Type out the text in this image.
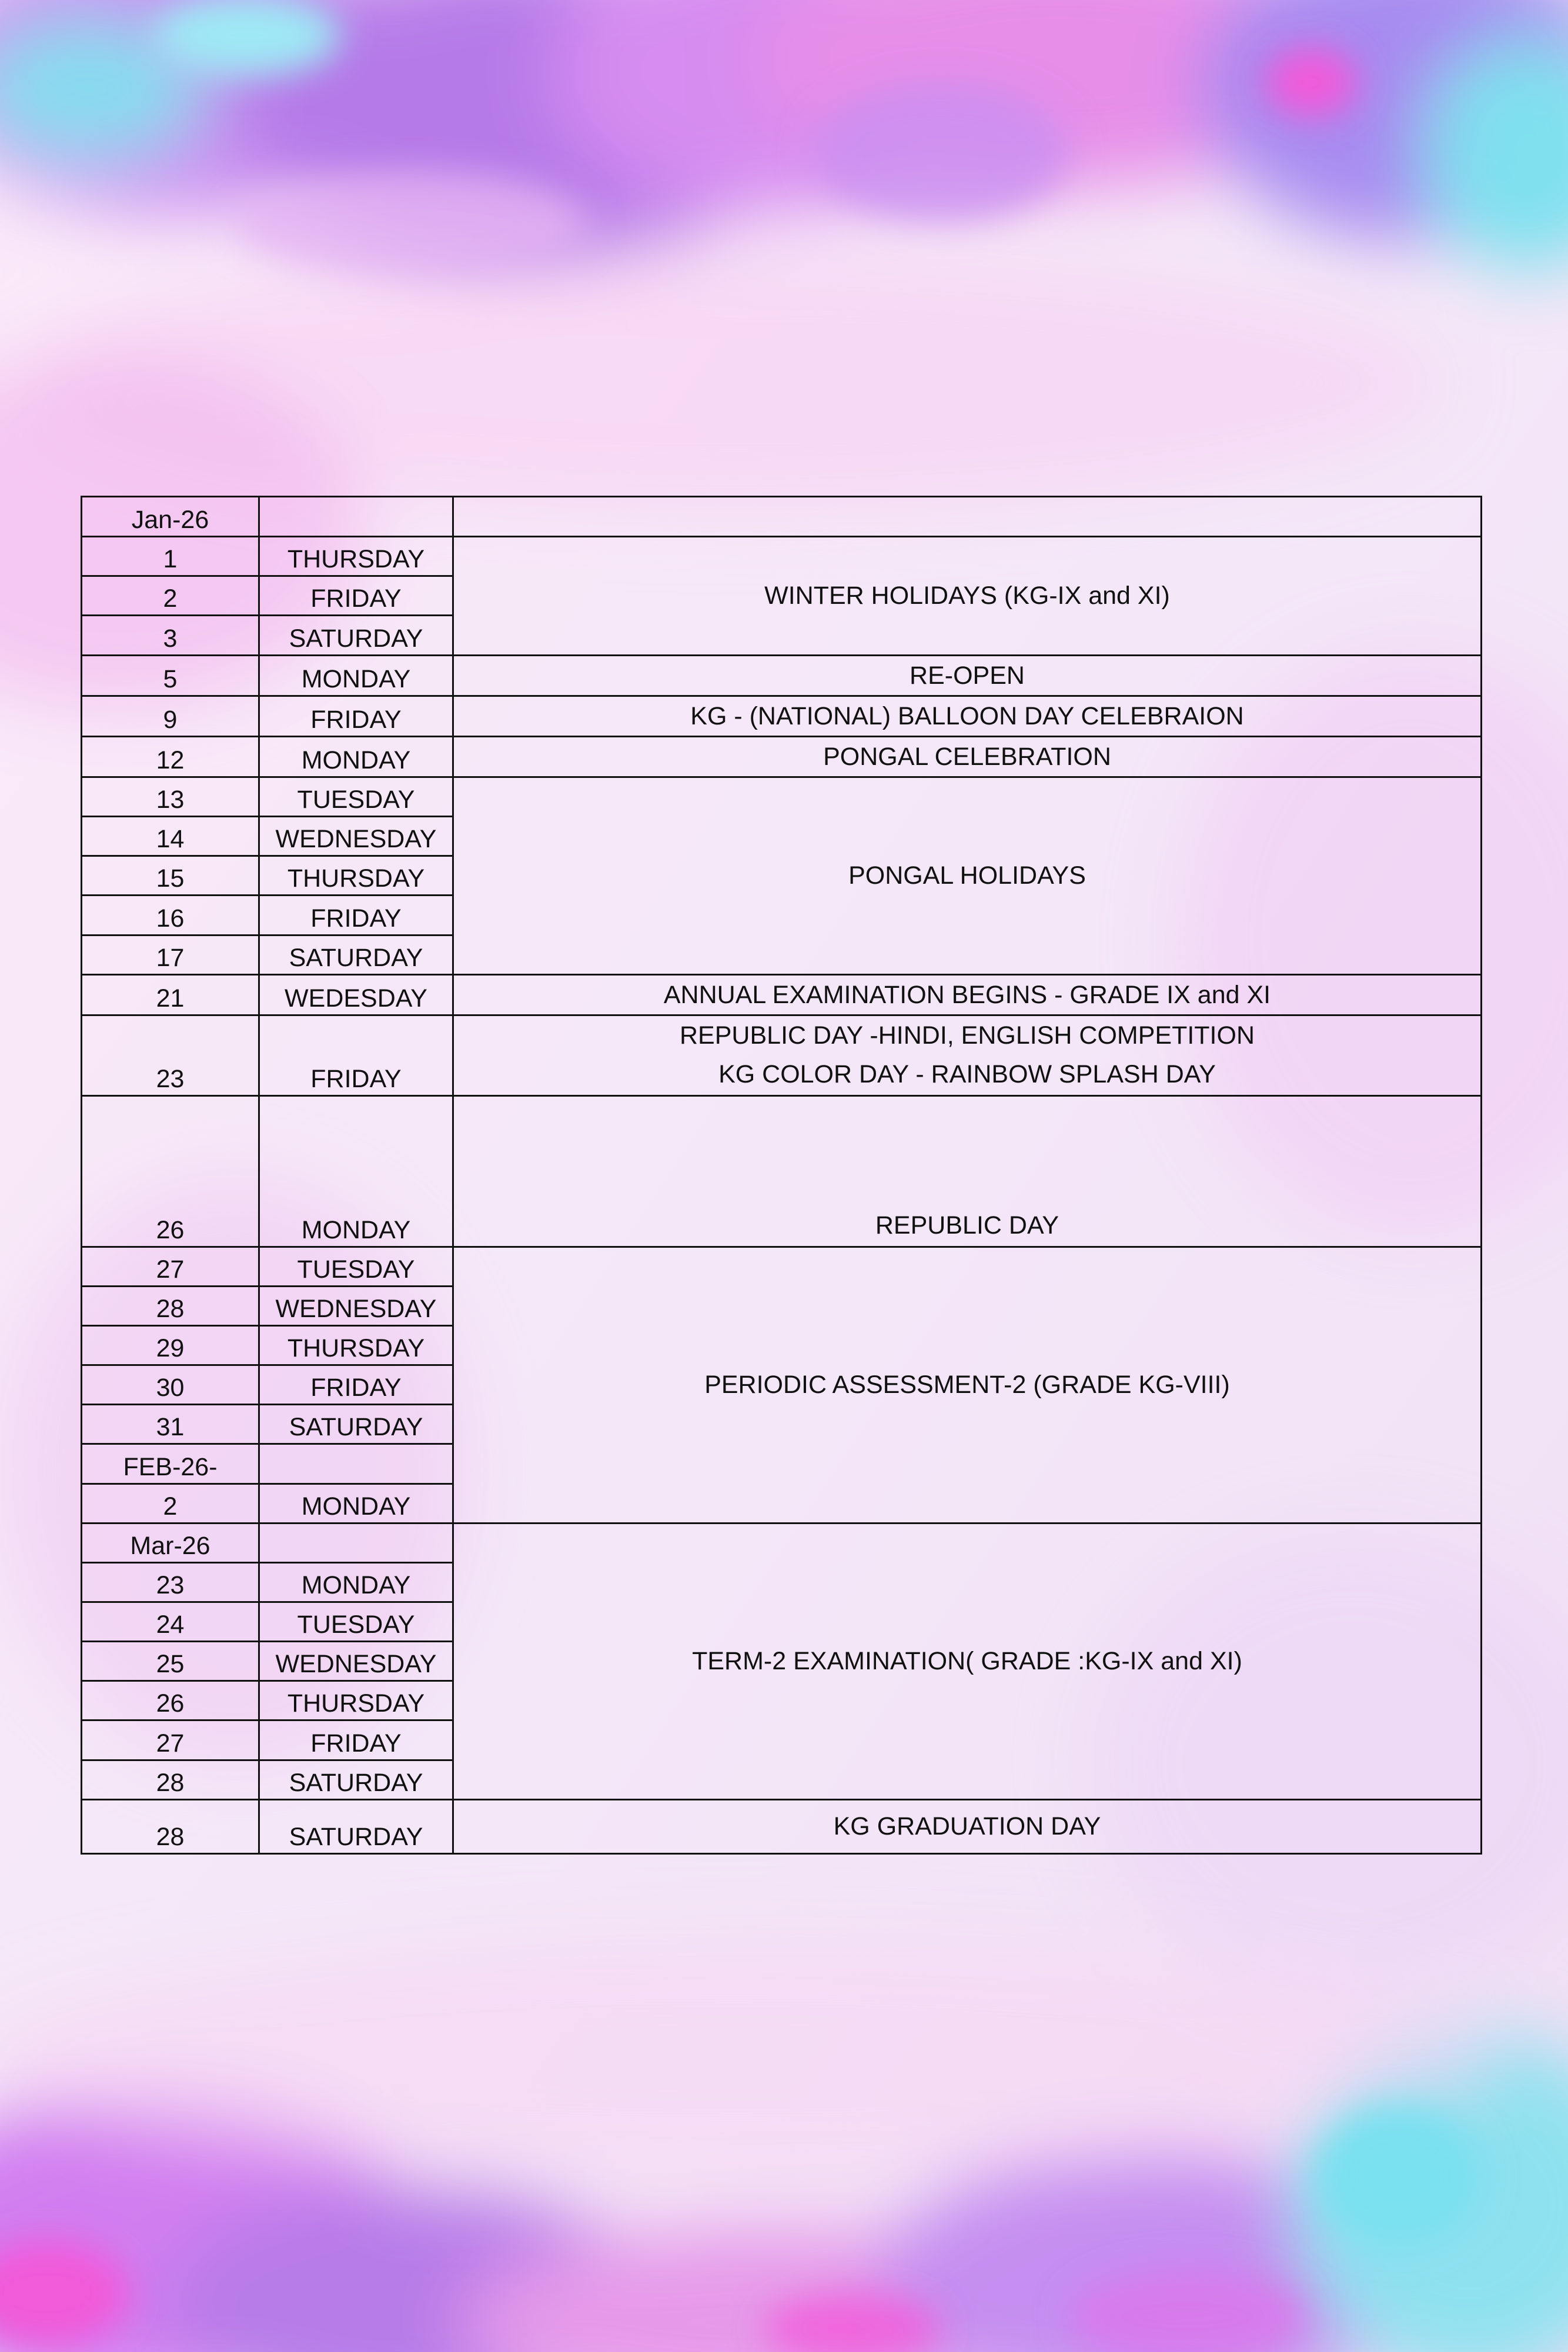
Jan-26		

1	THURSDAY	WINTER HOLIDAYS (KG-IX and XI)

2	FRIDAY	
3	SATURDAY	
5	MONDAY	RE-OPEN

9	FRIDAY	KG - (NATIONAL) BALLOON DAY CELEBRAION

12	MONDAY	PONGAL CELEBRATION

13	TUESDAY	PONGAL HOLIDAYS

14	WEDNESDAY	
15	THURSDAY	
16	FRIDAY	
17	SATURDAY	
21	WEDESDAY	ANNUAL EXAMINATION BEGINS - GRADE IX and XI

23	FRIDAY	REPUBLIC DAY -HINDI, ENGLISH COMPETITION
KG COLOR DAY - RAINBOW SPLASH DAY

26	MONDAY	REPUBLIC DAY

27	TUESDAY	PERIODIC ASSESSMENT-2 (GRADE KG-VIII)

28	WEDNESDAY	
29	THURSDAY	
30	FRIDAY	
31	SATURDAY	
FEB-26-		
2	MONDAY	
Mar-26		TERM-2 EXAMINATION( GRADE :KG-IX and XI)

23	MONDAY	
24	TUESDAY	
25	WEDNESDAY	
26	THURSDAY	
27	FRIDAY	
28	SATURDAY	
28	SATURDAY	KG GRADUATION DAY
